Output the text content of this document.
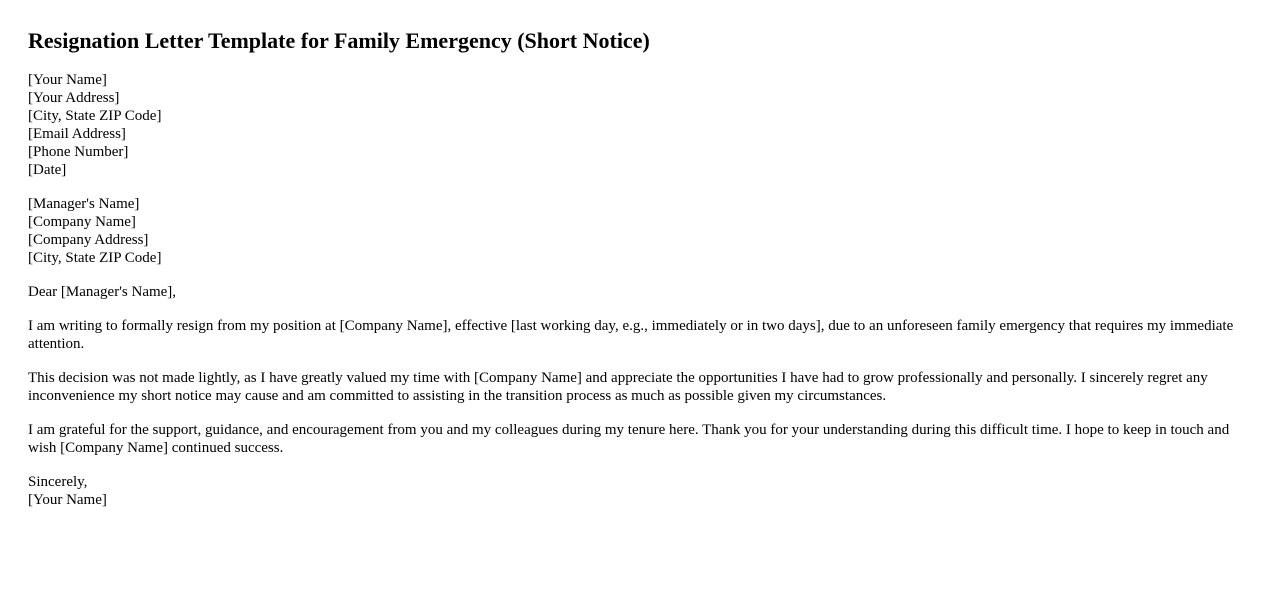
Resignation Letter Template for Family Emergency (Short Notice)
[Your Name]
[Your Address]
[City, State ZIP Code]
[Email Address]
[Phone Number]
[Date]
[Manager's Name]
[Company Name]
[Company Address]
[City, State ZIP Code]

Dear [Manager's Name],

I am writing to formally resign from my position at [Company Name], effective [last working day, e.g., immediately or in two days], due to an unforeseen family emergency that requires my immediate attention.

This decision was not made lightly, as I have greatly valued my time with [Company Name] and appreciate the opportunities I have had to grow professionally and personally. I sincerely regret any inconvenience my short notice may cause and am committed to assisting in the transition process as much as possible given my circumstances.

I am grateful for the support, guidance, and encouragement from you and my colleagues during my tenure here. Thank you for your understanding during this difficult time. I hope to keep in touch and wish [Company Name] continued success.

Sincerely,
[Your Name]
